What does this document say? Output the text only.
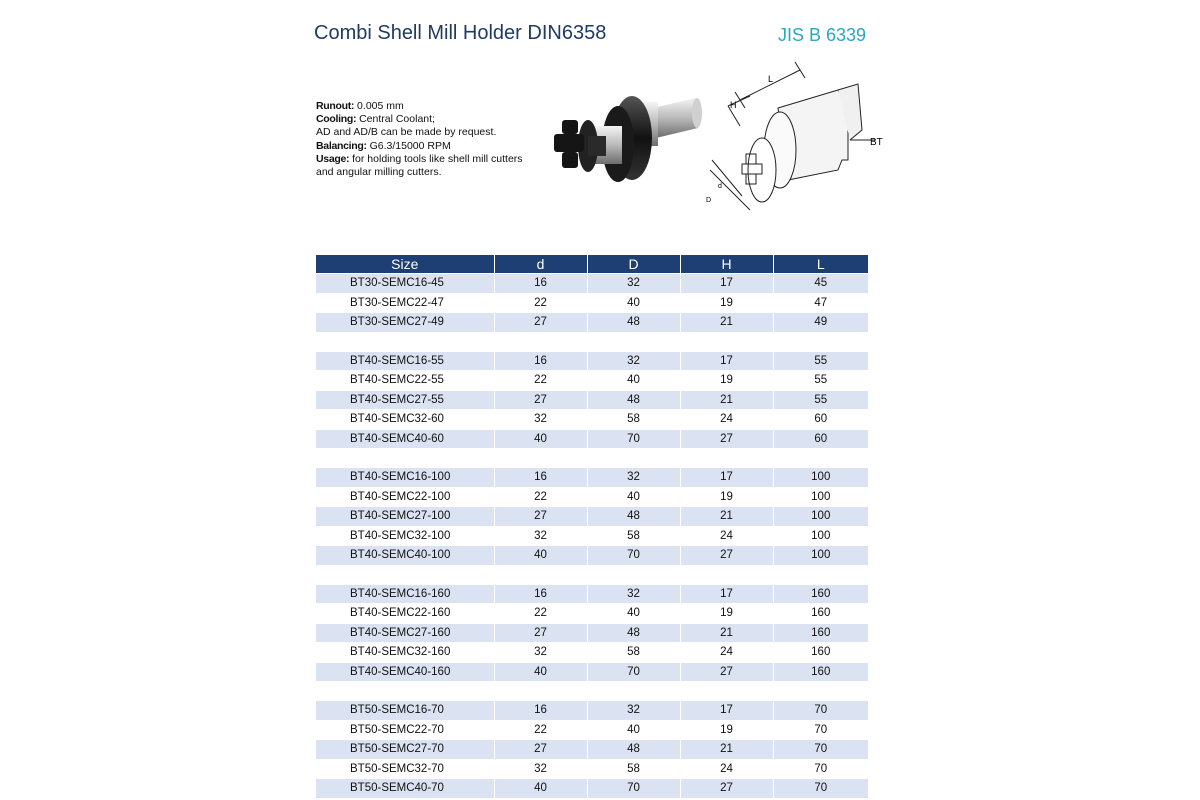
Combi Shell Mill Holder DIN6358	JIS B 6339
Runout: 0.005 mm
Cooling: Central Coolant;
AD and AD/B can be made by request.
Balancing: G6.3/15000 RPM
Usage: for holding tools like shell mill cutters and angular milling cutters.
L
H
BT
d
D
Size	d	D	H	L
BT30-SEMC16-45	16	32	17	45
BT30-SEMC22-47	22	40	19	47
BT30-SEMC27-49	27	48	21	49

BT40-SEMC16-55	16	32	17	55
BT40-SEMC22-55	22	40	19	55
BT40-SEMC27-55	27	48	21	55
BT40-SEMC32-60	32	58	24	60
BT40-SEMC40-60	40	70	27	60

BT40-SEMC16-100	16	32	17	100
BT40-SEMC22-100	22	40	19	100
BT40-SEMC27-100	27	48	21	100
BT40-SEMC32-100	32	58	24	100
BT40-SEMC40-100	40	70	27	100

BT40-SEMC16-160	16	32	17	160
BT40-SEMC22-160	22	40	19	160
BT40-SEMC27-160	27	48	21	160
BT40-SEMC32-160	32	58	24	160
BT40-SEMC40-160	40	70	27	160

BT50-SEMC16-70	16	32	17	70
BT50-SEMC22-70	22	40	19	70
BT50-SEMC27-70	27	48	21	70
BT50-SEMC32-70	32	58	24	70
BT50-SEMC40-70	40	70	27	70
